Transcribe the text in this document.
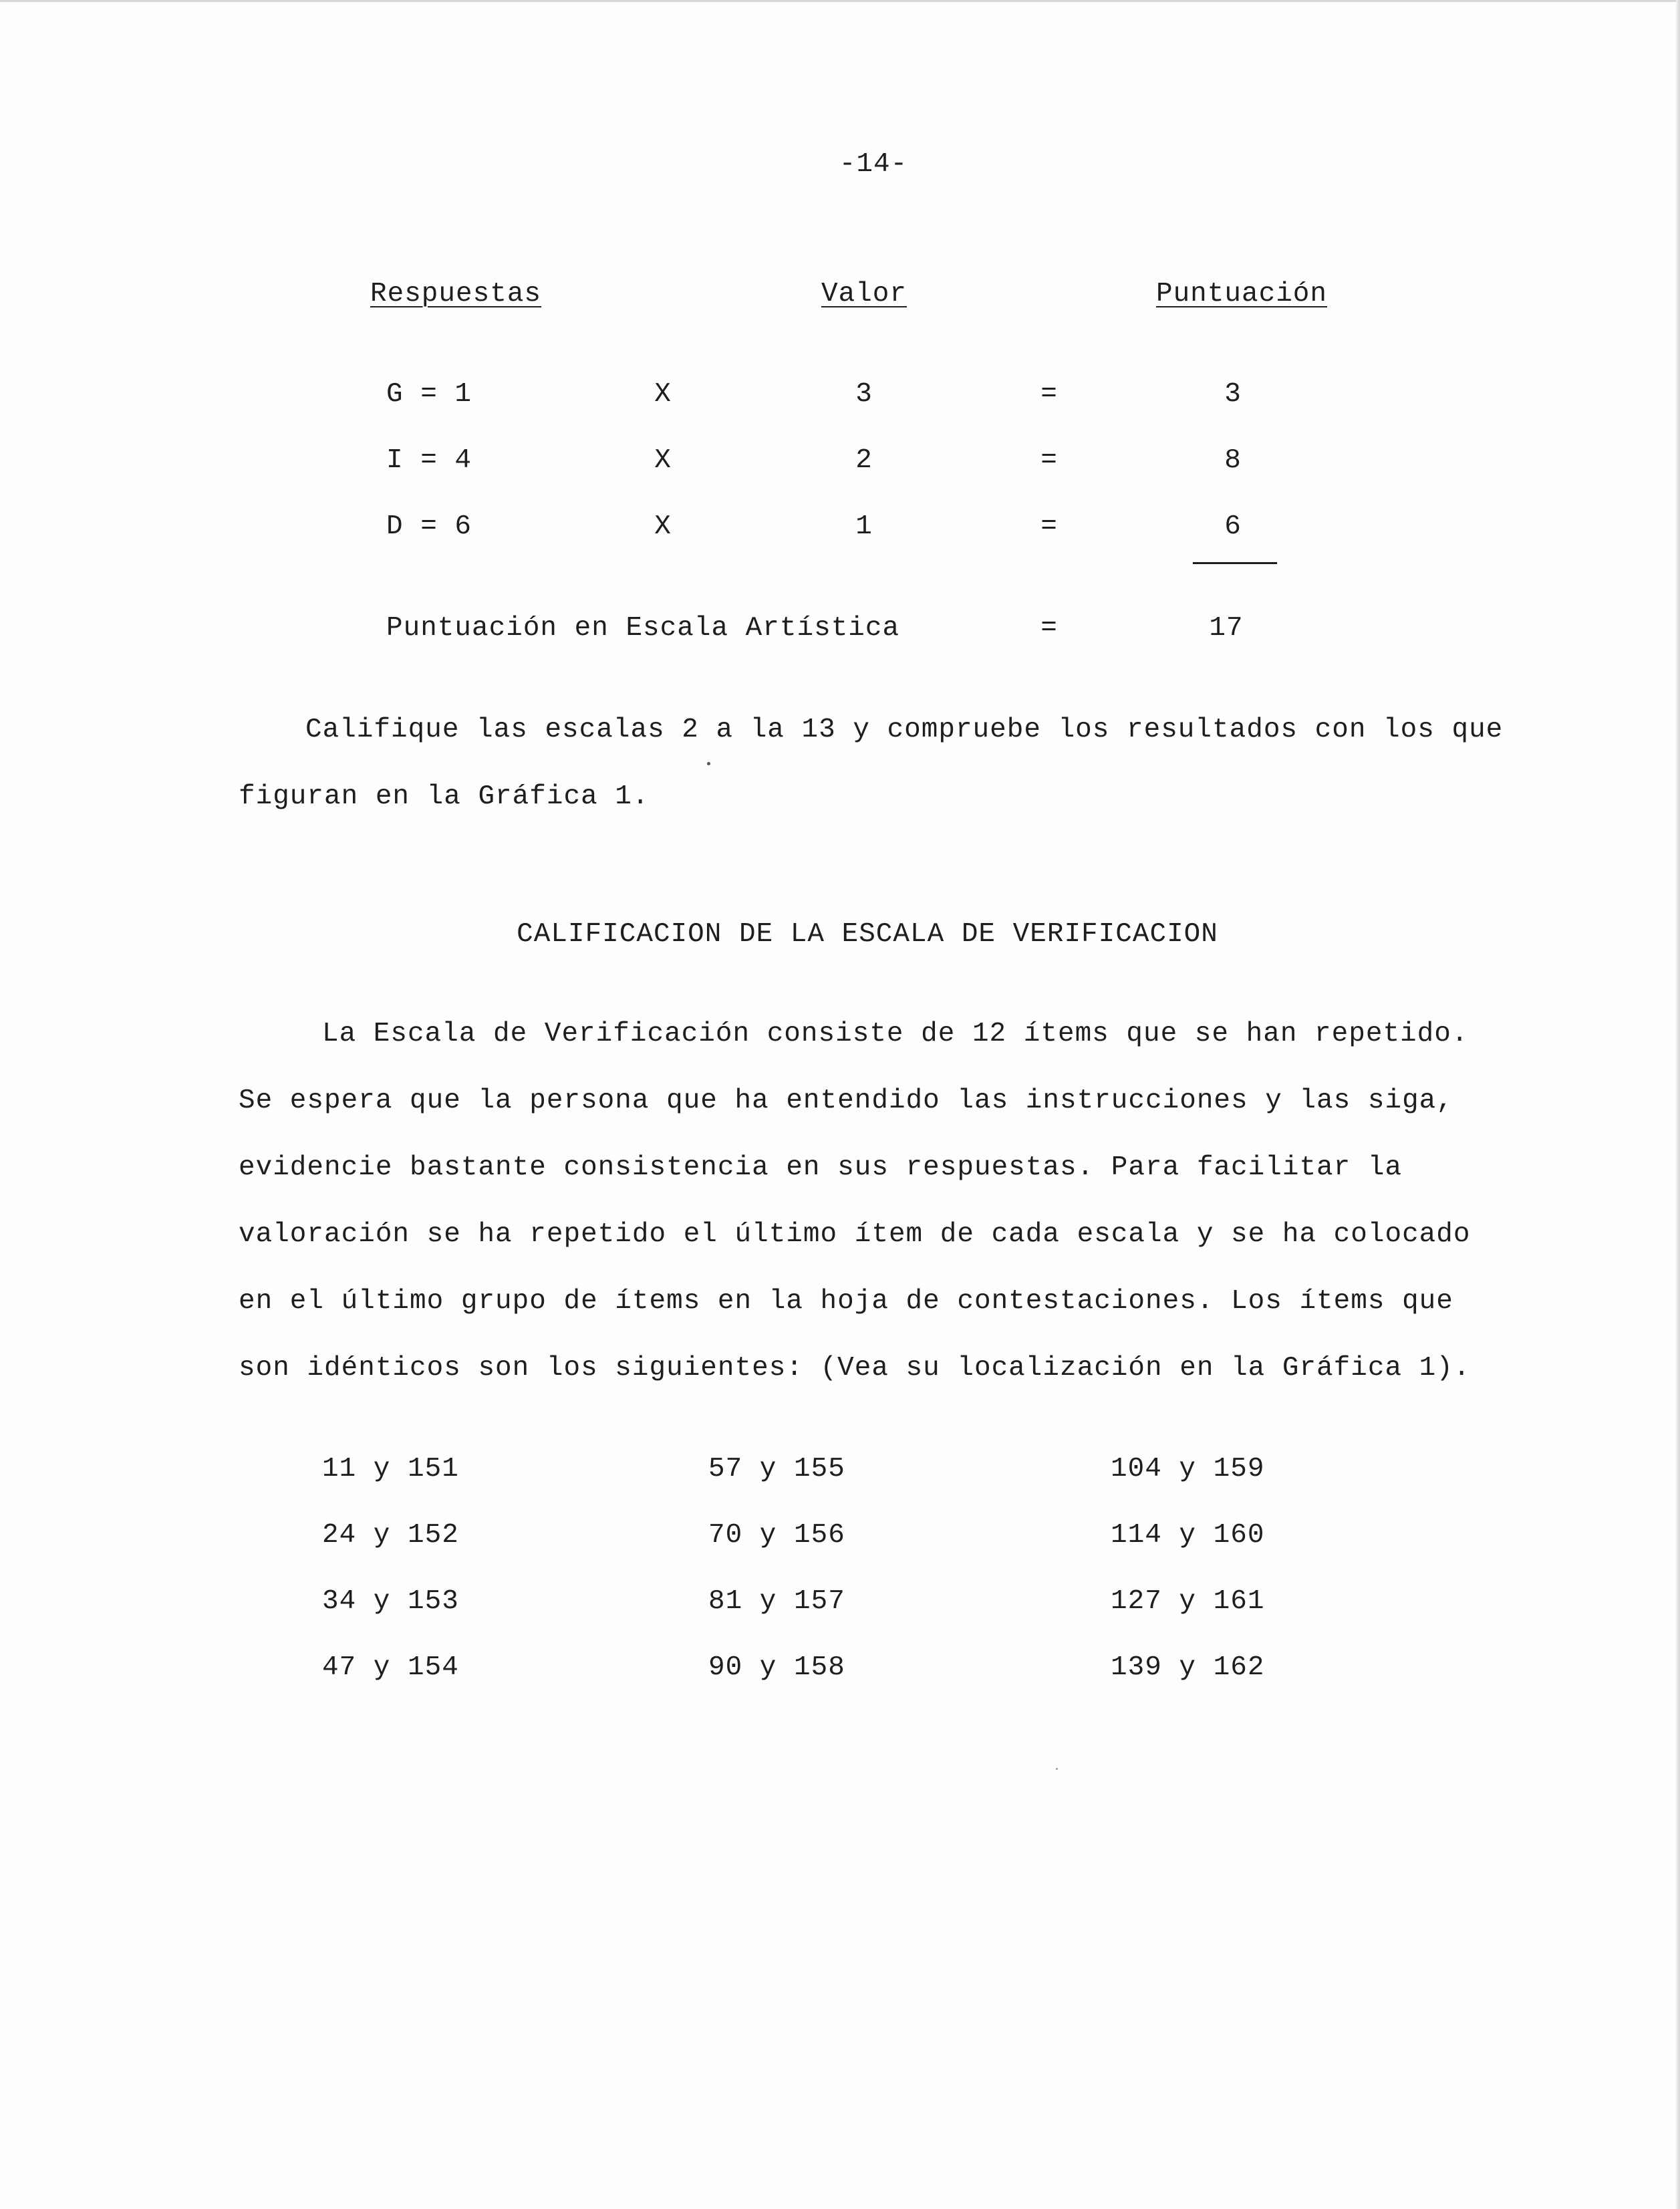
-14-
Respuestas	Valor	Puntuación
G = 1	X	3	=	3
I = 4	X	2	=	8
D = 6	X	1	=	6
Puntuación en Escala Artística	=	17
Califique las escalas 2 a la 13 y compruebe los resultados con los que
figuran en la Gráfica 1.
CALIFICACION DE LA ESCALA DE VERIFICACION
La Escala de Verificación consiste de 12 ítems que se han repetido.
Se espera que la persona que ha entendido las instrucciones y las siga,
evidencie bastante consistencia en sus respuestas. Para facilitar la
valoración se ha repetido el último ítem de cada escala y se ha colocado
en el último grupo de ítems en la hoja de contestaciones. Los ítems que
son idénticos son los siguientes: (Vea su localización en la Gráfica 1).
11 y 151	57 y 155	104 y 159
24 y 152	70 y 156	114 y 160
34 y 153	81 y 157	127 y 161
47 y 154	90 y 158	139 y 162
